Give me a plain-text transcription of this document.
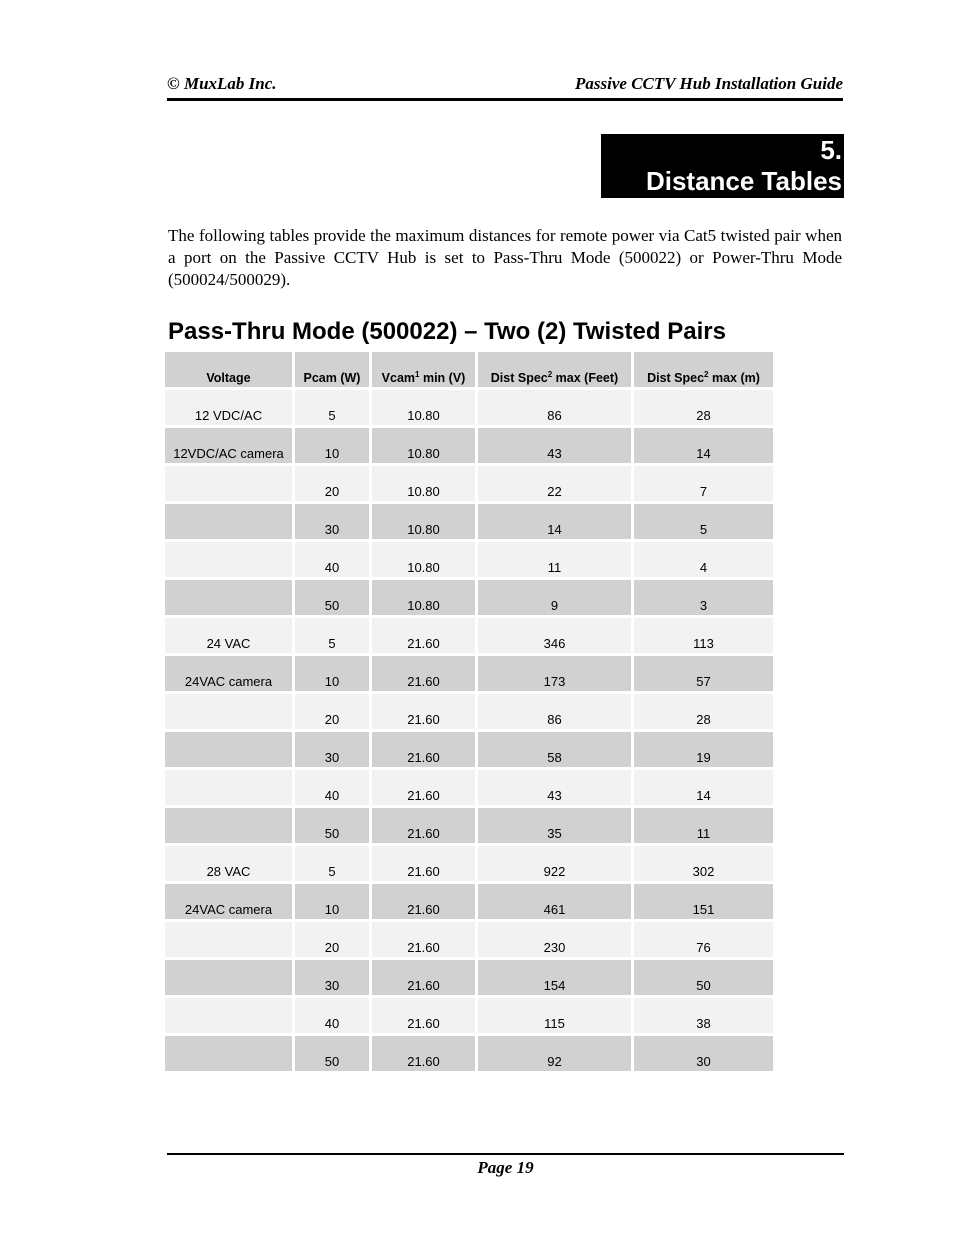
© MuxLab Inc.	Passive CCTV Hub Installation Guide
5.
Distance Tables

The following tables provide the maximum distances for remote power via Cat5 twisted pair when a port on the Passive CCTV Hub is set to Pass-Thru Mode (500022) or Power-Thru Mode (500024/500029).

Pass-Thru Mode (500022) – Two (2) Twisted Pairs
Voltage	Pcam (W)	Vcam$^1$ min (V)	Dist Spec$^2$ max (Feet)	Dist Spec$^2$ max (m)
12 VDC/AC	5	10.80	86	28
12VDC/AC camera	10	10.80	43	14
	20	10.80	22	7
	30	10.80	14	5
	40	10.80	11	4
	50	10.80	9	3
24 VAC	5	21.60	346	113
24VAC camera	10	21.60	173	57
	20	21.60	86	28
	30	21.60	58	19
	40	21.60	43	14
	50	21.60	35	11
28 VAC	5	21.60	922	302
24VAC camera	10	21.60	461	151
	20	21.60	230	76
	30	21.60	154	50
	40	21.60	115	38
	50	21.60	92	30
Page 19
